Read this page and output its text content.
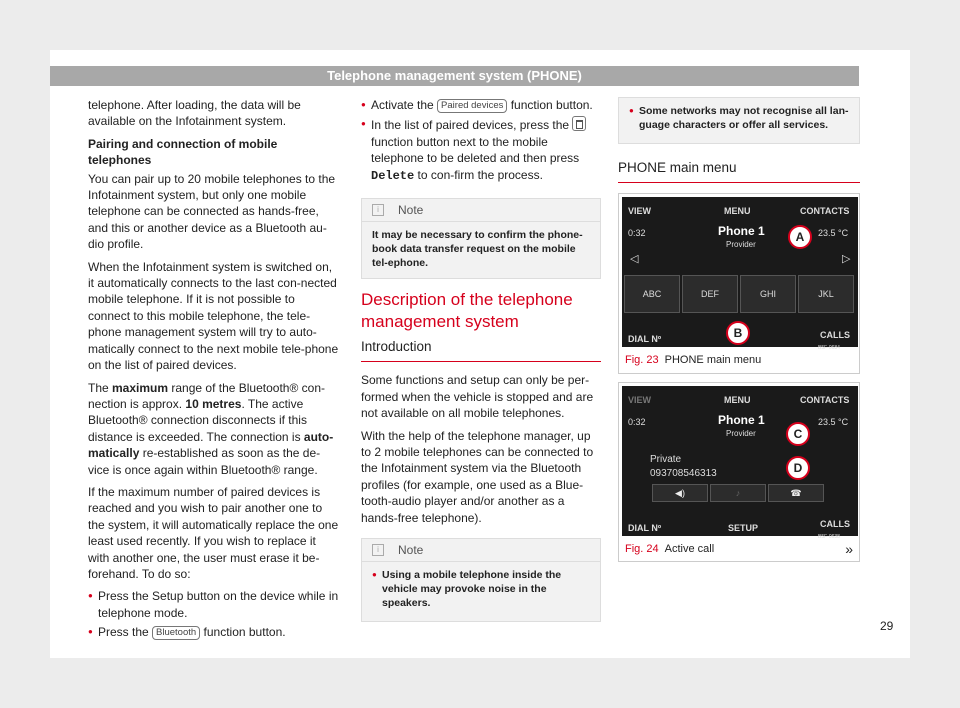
Telephone management system (PHONE)

telephone. After loading, the data will be available on the Infotainment system.

Pairing and connection of mobile telephones

You can pair up to 20 mobile telephones to the Infotainment system, but only one mobile telephone can be connected as hands-free, and this or another device as a Bluetooth au-dio profile.

When the Infotainment system is switched on, it automatically connects to the last con-nected mobile telephone. If it is not possible to connect to this mobile telephone, the tele-phone management system will try to auto-matically connect to the next mobile tele-phone on the list of paired devices.

The maximum range of the Bluetooth® con-nection is approx. 10 metres. The active Bluetooth® connection disconnects if this distance is exceeded. The connection is auto-matically re-established as soon as the de-vice is once again within Bluetooth® range.

If the maximum number of paired devices is reached and you wish to pair another one to the system, it will automatically replace the one least used recently. If you wish to replace it with another one, the user must erase it be-forehand. To do so:

● Press the Setup button on the device while in telephone mode.
● Press the Bluetooth function button.
● Activate the Paired devices function button.
● In the list of paired devices, press the  function button next to the mobile telephone to be deleted and then press Delete to con-firm the process.
i	Note
It may be necessary to confirm the phone-book data transfer request on the mobile tel-ephone.
Description of the telephone management system
Introduction

Some functions and setup can only be per-formed when the vehicle is stopped and are not available on all mobile telephones.

With the help of the telephone manager, up to 2 mobile telephones can be connected to the Infotainment system via the Bluetooth profiles (for example, one used as a Blue-tooth-audio player and/or another as a hands-free telephone).

i	Note
● Using a mobile telephone inside the vehicle may provoke noise in the speakers.
● Some networks may not recognise all lan-guage characters or offer all services.
PHONE main menu
VIEW	MENU	CONTACTS
0:32	Phone 1
Provider
23.5 °C
◁	▷
ABC	DEF	GHI	JKL
DIAL Nº	CALLS
B5F-0684
A
B
Fig. 23 PHONE main menu
VIEW	MENU	CONTACTS
0:32	Phone 1
Provider
23.5 °C
Private
093708546313
◀)	♪	☎
DIAL Nº	SETUP	CALLS
B5F-0638
C
D
Fig. 24 Active call	»
29
